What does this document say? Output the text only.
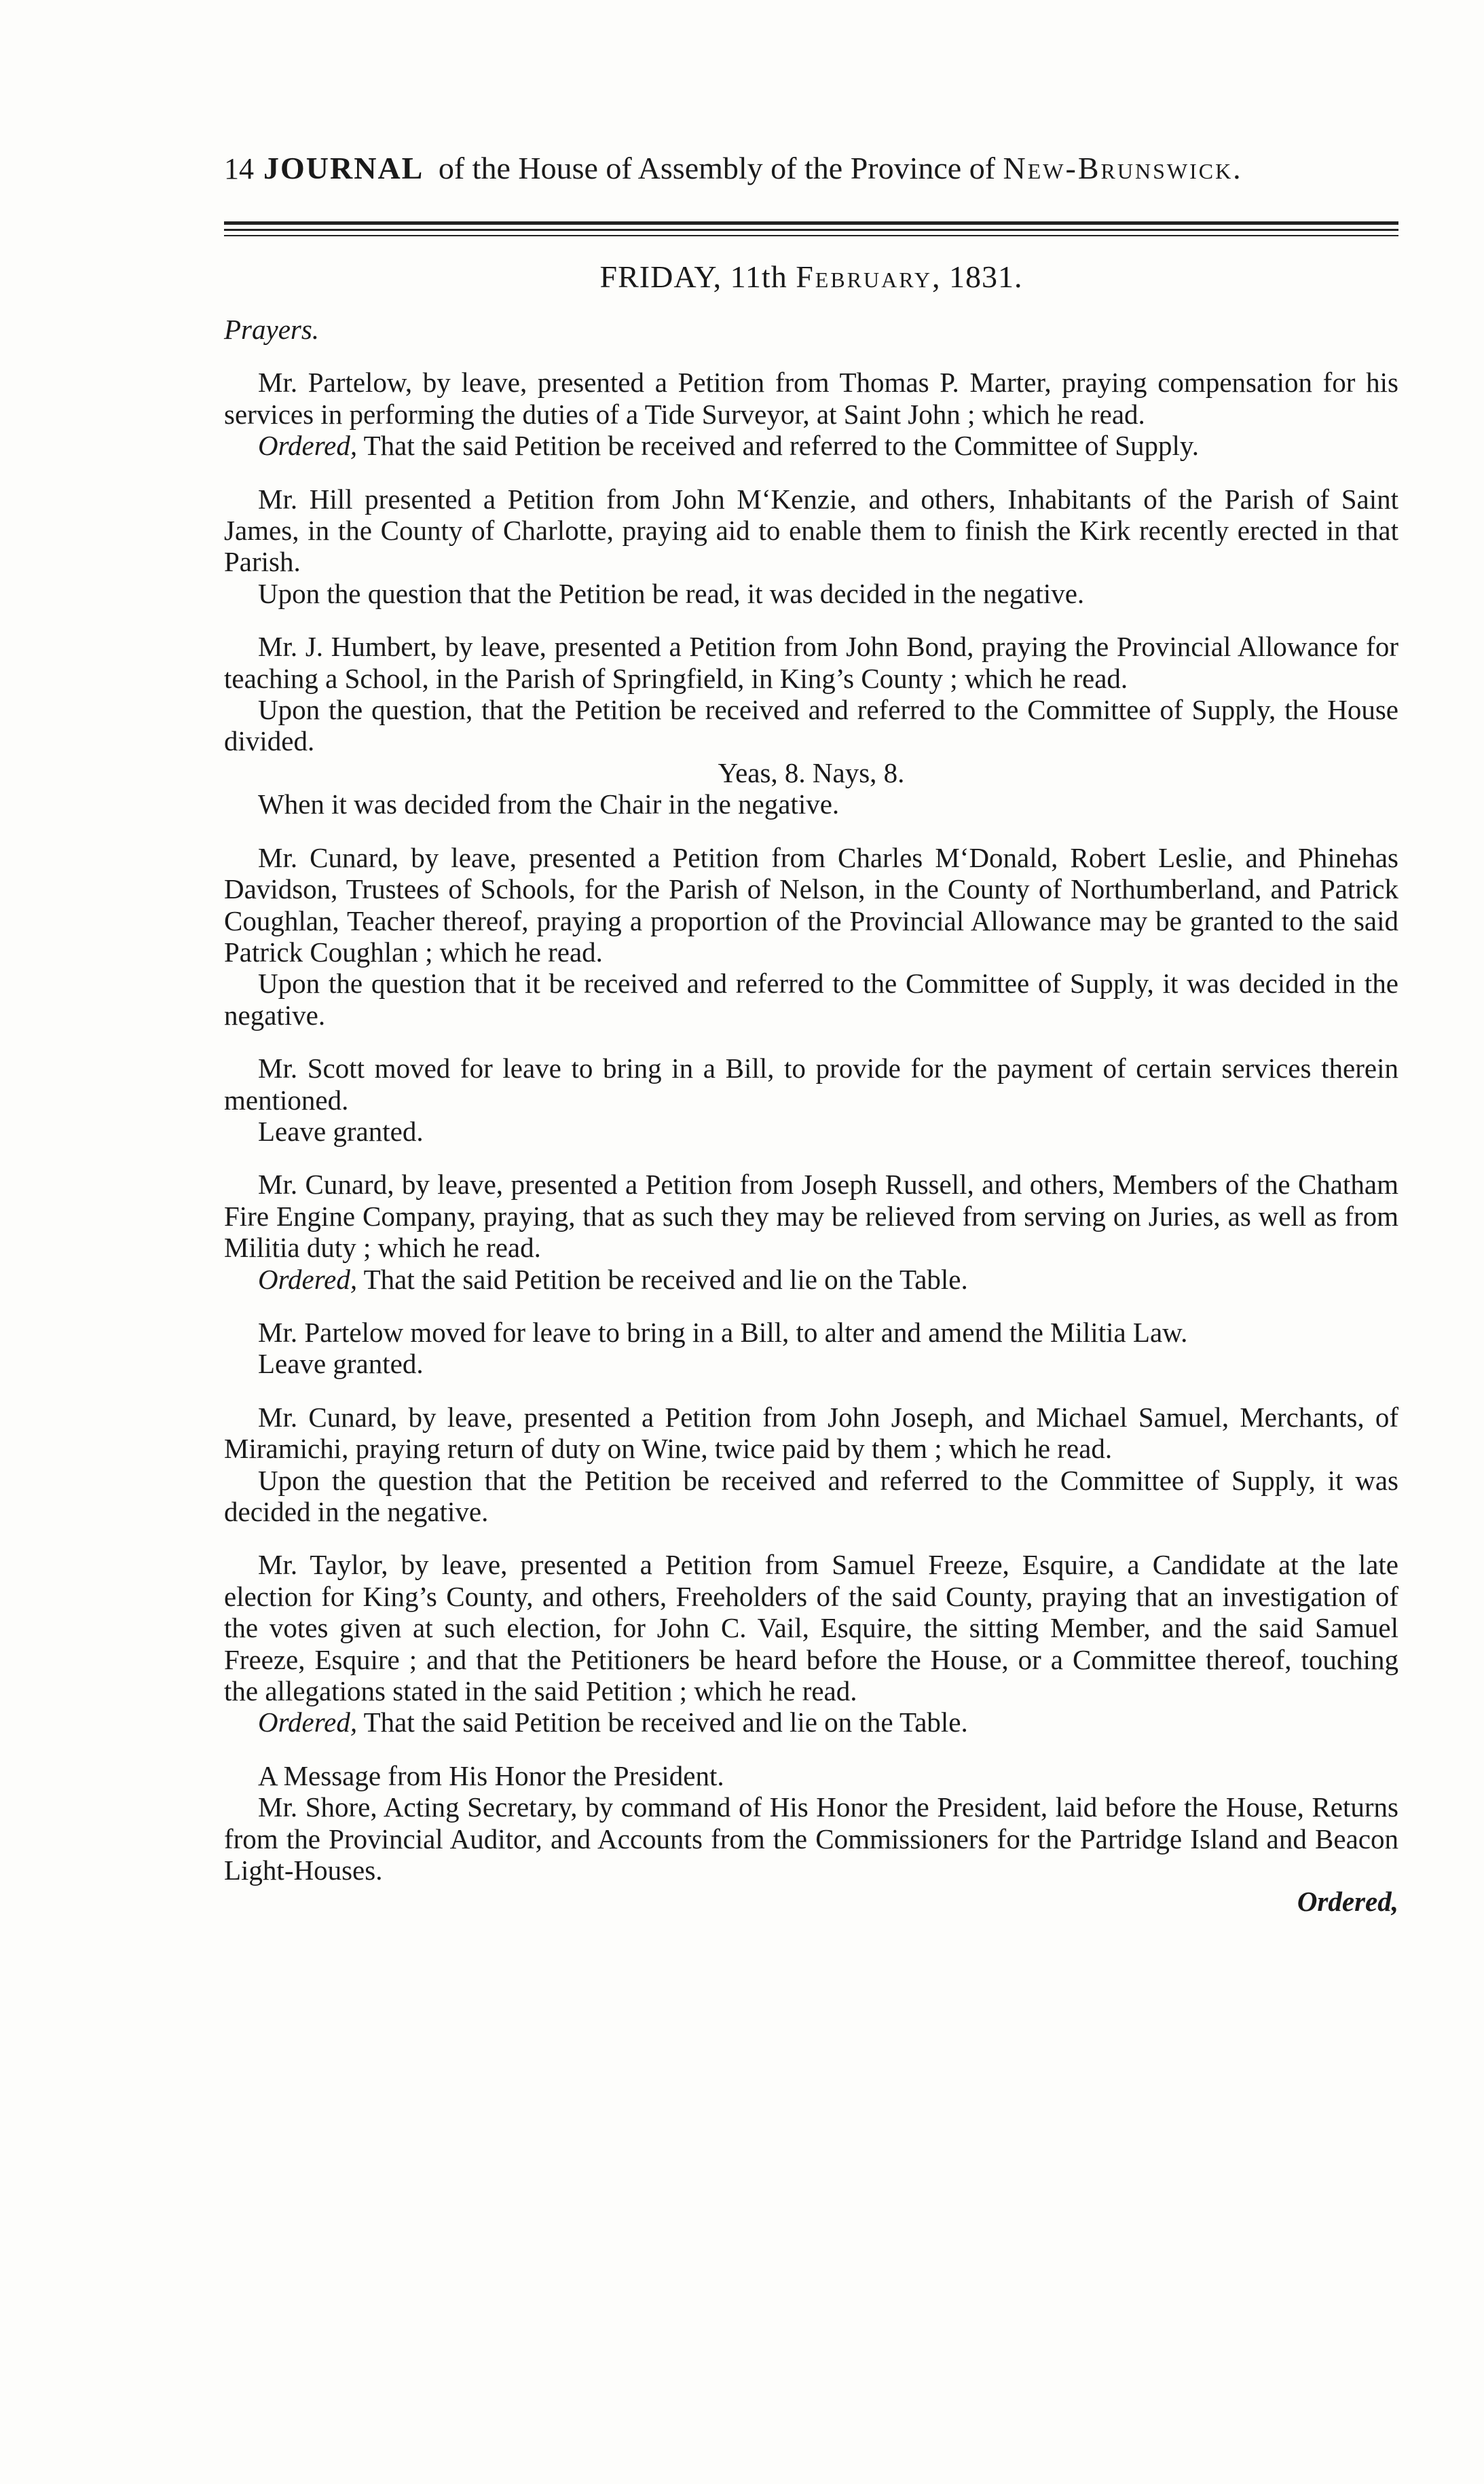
14 JOURNAL of the House of Assembly of the Province of New-Brunswick.
FRIDAY, 11th February, 1831.

Prayers.

Mr. Partelow, by leave, presented a Petition from Thomas P. Marter, praying compensation for his services in performing the duties of a Tide Surveyor, at Saint John ; which he read.

Ordered, That the said Petition be received and referred to the Committee of Supply.

Mr. Hill presented a Petition from John M‘Kenzie, and others, Inhabitants of the Parish of Saint James, in the County of Charlotte, praying aid to enable them to finish the Kirk recently erected in that Parish.

Upon the question that the Petition be read, it was decided in the negative.

Mr. J. Humbert, by leave, presented a Petition from John Bond, praying the Provincial Allowance for teaching a School, in the Parish of Springfield, in King’s County ; which he read.

Upon the question, that the Petition be received and referred to the Committee of Supply, the House divided.

Yeas, 8. Nays, 8.

When it was decided from the Chair in the negative.

Mr. Cunard, by leave, presented a Petition from Charles M‘Donald, Robert Leslie, and Phinehas Davidson, Trustees of Schools, for the Parish of Nelson, in the County of Northumberland, and Patrick Coughlan, Teacher thereof, praying a proportion of the Provincial Allowance may be granted to the said Patrick Coughlan ; which he read.

Upon the question that it be received and referred to the Committee of Supply, it was decided in the negative.

Mr. Scott moved for leave to bring in a Bill, to provide for the payment of certain services therein mentioned.

Leave granted.

Mr. Cunard, by leave, presented a Petition from Joseph Russell, and others, Members of the Chatham Fire Engine Company, praying, that as such they may be relieved from serving on Juries, as well as from Militia duty ; which he read.

Ordered, That the said Petition be received and lie on the Table.

Mr. Partelow moved for leave to bring in a Bill, to alter and amend the Militia Law.

Leave granted.

Mr. Cunard, by leave, presented a Petition from John Joseph, and Michael Samuel, Merchants, of Miramichi, praying return of duty on Wine, twice paid by them ; which he read.

Upon the question that the Petition be received and referred to the Committee of Supply, it was decided in the negative.

Mr. Taylor, by leave, presented a Petition from Samuel Freeze, Esquire, a Candidate at the late election for King’s County, and others, Freeholders of the said County, praying that an investigation of the votes given at such election, for John C. Vail, Esquire, the sitting Member, and the said Samuel Freeze, Esquire ; and that the Petitioners be heard before the House, or a Committee thereof, touching the allegations stated in the said Petition ; which he read.

Ordered, That the said Petition be received and lie on the Table.

A Message from His Honor the President.

Mr. Shore, Acting Secretary, by command of His Honor the President, laid before the House, Returns from the Provincial Auditor, and Accounts from the Commissioners for the Partridge Island and Beacon Light-Houses.

Ordered,
